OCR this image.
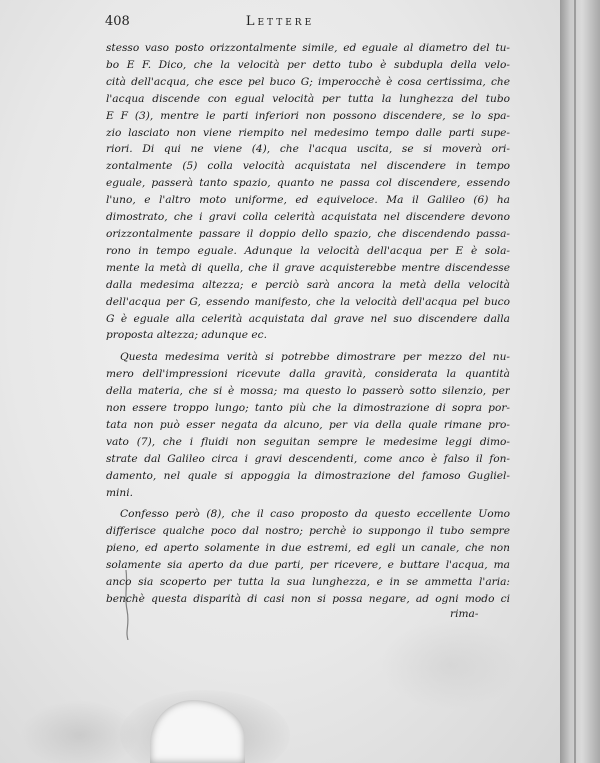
408	Lettere
stesso vaso posto orizzontalmente simile, ed eguale al diametro del tu-
bo E F. Dico, che la velocità per detto tubo è subdupla della velo-
cità dell'acqua, che esce pel buco G; imperocchè è cosa certissima, che
l'acqua discende con egual velocità per tutta la lunghezza del tubo
E F (3), mentre le parti inferiori non possono discendere, se lo spa-
zio lasciato non viene riempito nel medesimo tempo dalle parti supe-
riori. Di qui ne viene (4), che l'acqua uscita, se si moverà ori-
zontalmente (5) colla velocità acquistata nel discendere in tempo
eguale, passerà tanto spazio, quanto ne passa col discendere, essendo
l'uno, e l'altro moto uniforme, ed equiveloce. Ma il Galileo (6) ha
dimostrato, che i gravi colla celerità acquistata nel discendere devono
orizzontalmente passare il doppio dello spazio, che discendendo passa-
rono in tempo eguale. Adunque la velocità dell'acqua per E è sola-
mente la metà di quella, che il grave acquisterebbe mentre discendesse
dalla medesima altezza; e perciò sarà ancora la metà della velocità
dell'acqua per G, essendo manifesto, che la velocità dell'acqua pel buco
G è eguale alla celerità acquistata dal grave nel suo discendere dalla
proposta altezza; adunque ec.
Questa medesima verità si potrebbe dimostrare per mezzo del nu-
mero dell'impressioni ricevute dalla gravità, considerata la quantità
della materia, che si è mossa; ma questo lo passerò sotto silenzio, per
non essere troppo lungo; tanto più che la dimostrazione di sopra por-
tata non può esser negata da alcuno, per via della quale rimane pro-
vato (7), che i fluidi non seguitan sempre le medesime leggi dimo-
strate dal Galileo circa i gravi descendenti, come anco è falso il fon-
damento, nel quale si appoggia la dimostrazione del famoso Gugliel-
mini.
Confesso però (8), che il caso proposto da questo eccellente Uomo
differisce qualche poco dal nostro; perchè io suppongo il tubo sempre
pieno, ed aperto solamente in due estremi, ed egli un canale, che non
solamente sia aperto da due parti, per ricevere, e buttare l'acqua, ma
anco sia scoperto per tutta la sua lunghezza, e in se ammetta l'aria:
benchè questa disparità di casi non si possa negare, ad ogni modo ci
rima-
